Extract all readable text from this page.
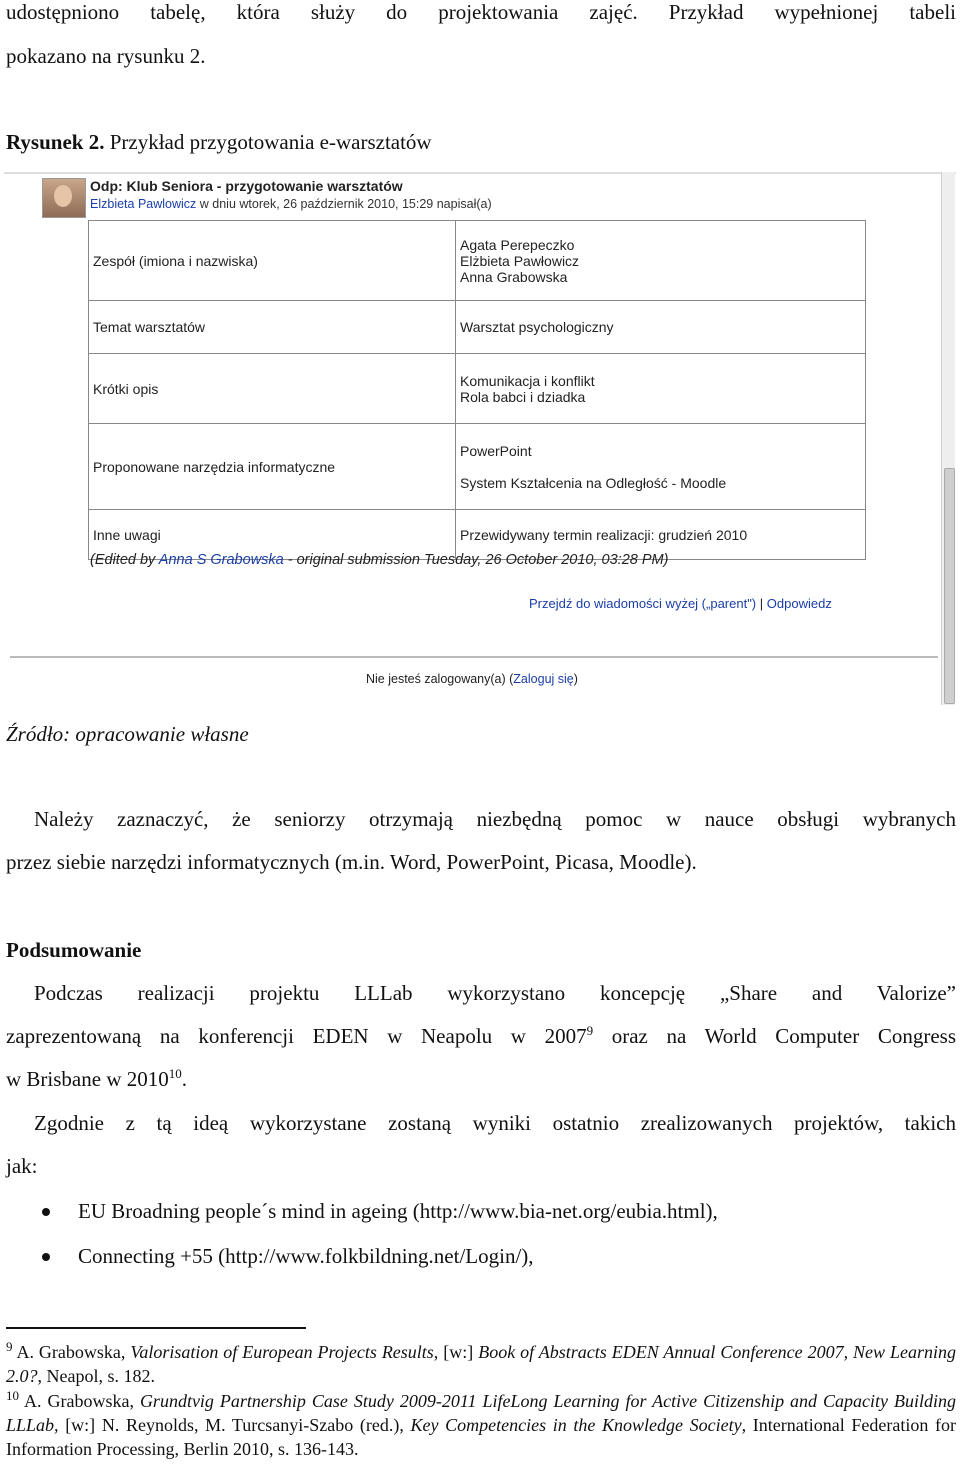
udostępniono tabelę, która służy do projektowania zajęć. Przykład wypełnionej tabeli
pokazano na rysunku 2.
Rysunek 2. Przykład przygotowania e-warsztatów
Odp: Klub Seniora - przygotowanie warsztatów
Elzbieta Pawlowicz w dniu wtorek, 26 październik 2010, 15:29 napisał(a)
Zespół (imiona i nazwiska)	Agata Perepeczko
Elżbieta Pawłowicz
Anna Grabowska

Temat warsztatów	Warsztat psychologiczny

Krótki opis	Komunikacja i konflikt
Rola babci i dziadka

Proponowane narzędzia informatyczne	PowerPoint
System Kształcenia na Odległość - Moodle

Inne uwagi	Przewidywany termin realizacji: grudzień 2010
(Edited by Anna S Grabowska - original submission Tuesday, 26 October 2010, 03:28 PM)
Przejdź do wiadomości wyżej („parent") | Odpowiedz
Nie jesteś zalogowany(a) (Zaloguj się)
Źródło: opracowanie własne
Należy zaznaczyć, że seniorzy otrzymają niezbędną pomoc w nauce obsługi wybranych
przez siebie narzędzi informatycznych (m.in. Word, PowerPoint, Picasa, Moodle).
Podsumowanie
Podczas realizacji projektu LLLab wykorzystano koncepcję „Share and Valorize”
zaprezentowaną na konferencji EDEN w Neapolu w 2007$^9$ oraz na World Computer Congress
w Brisbane w 2010$^{10}$.
Zgodnie z tą ideą wykorzystane zostaną wyniki ostatnio zrealizowanych projektów, takich
jak:
EU Broadning people´s mind in ageing (http://www.bia-net.org/eubia.html),
Connecting +55 (http://www.folkbildning.net/Login/),
$^9$ A. Grabowska, Valorisation of European Projects Results, [w:] Book of Abstracts EDEN Annual Conference 2007, New Learning 2.0?, Neapol, s. 182.
$^{10}$ A. Grabowska, Grundtvig Partnership Case Study 2009-2011 LifeLong Learning for Active Citizenship and Capacity Building LLLab, [w:] N. Reynolds, M. Turcsanyi-Szabo (red.), Key Competencies in the Knowledge Society, International Federation for Information Processing, Berlin 2010, s. 136-143.
